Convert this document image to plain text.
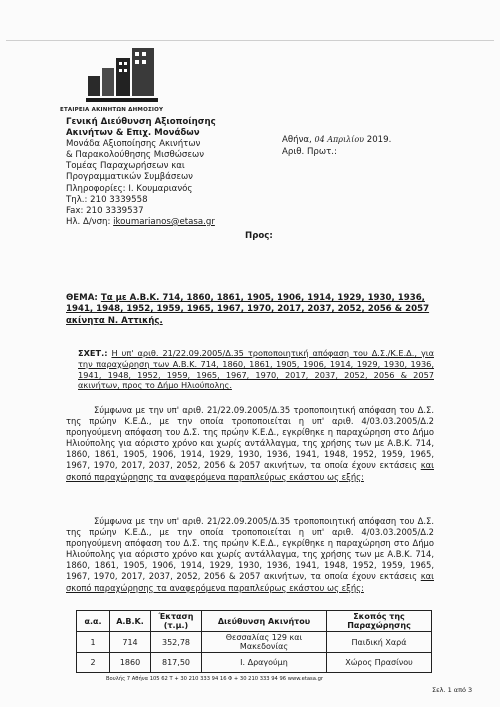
ΕΤΑΙΡΕΙΑ ΑΚΙΝΗΤΩΝ ΔΗΜΟΣΙΟΥ
Γενική Διεύθυνση Αξιοποίησης
Ακινήτων & Επιχ. Μονάδων
Μονάδα Αξιοποίησης Ακινήτων
& Παρακολούθησης Μισθώσεων
Τομέας Παραχωρήσεων και
Προγραμματικών Συμβάσεων
Πληροφορίες: Ι. Κουμαριανός
Τηλ.: 210 3339558
Fax: 210 3339537
Ηλ. Δ/νση: ikoumarianos@etasa.gr
Αθήνα, 04 Απριλίου 2019.
Αριθ. Πρωτ.:
Προς:
ΘΕΜΑ: Τα με Α.Β.Κ. 714, 1860, 1861, 1905, 1906, 1914, 1929, 1930, 1936, 1941, 1948, 1952, 1959, 1965, 1967, 1970, 2017, 2037, 2052, 2056 & 2057 ακίνητα Ν. Αττικής.
ΣΧΕΤ.: Η υπ' αριθ. 21/22.09.2005/Δ.35 τροποποιητική απόφαση του Δ.Σ./Κ.Ε.Δ., για την παραχώρηση των Α.Β.Κ. 714, 1860, 1861, 1905, 1906, 1914, 1929, 1930, 1936, 1941, 1948, 1952, 1959, 1965, 1967, 1970, 2017, 2037, 2052, 2056 & 2057 ακινήτων, προς το Δήμο Ηλιούπολης.
Σύμφωνα με την υπ' αριθ. 21/22.09.2005/Δ.35 τροποποιητική απόφαση του Δ.Σ. της πρώην Κ.Ε.Δ., με την οποία τροποποιείται η υπ' αριθ. 4/03.03.2005/Δ.2 προηγούμενη απόφαση του Δ.Σ. της πρώην Κ.Ε.Δ., εγκρίθηκε η παραχώρηση στο Δήμο Ηλιούπολης για αόριστο χρόνο και χωρίς αντάλλαγμα, της χρήσης των με Α.Β.Κ. 714, 1860, 1861, 1905, 1906, 1914, 1929, 1930, 1936, 1941, 1948, 1952, 1959, 1965, 1967, 1970, 2017, 2037, 2052, 2056 & 2057 ακινήτων, τα οποία έχουν εκτάσεις και σκοπό παραχώρησης τα αναφερόμενα παραπλεύρως εκάστου ως εξής:
Σύμφωνα με την υπ' αριθ. 21/22.09.2005/Δ.35 τροποποιητική απόφαση του Δ.Σ. της πρώην Κ.Ε.Δ., με την οποία τροποποιείται η υπ' αριθ. 4/03.03.2005/Δ.2 προηγούμενη απόφαση του Δ.Σ. της πρώην Κ.Ε.Δ., εγκρίθηκε η παραχώρηση στο Δήμο Ηλιούπολης για αόριστο χρόνο και χωρίς αντάλλαγμα, της χρήσης των με Α.Β.Κ. 714, 1860, 1861, 1905, 1906, 1914, 1929, 1930, 1936, 1941, 1948, 1952, 1959, 1965, 1967, 1970, 2017, 2037, 2052, 2056 & 2057 ακινήτων, τα οποία έχουν εκτάσεις και σκοπό παραχώρησης τα αναφερόμενα παραπλεύρως εκάστου ως εξής:
α.α.	Α.Β.Κ.	Έκταση (τ.μ.)	Διεύθυνση Ακινήτου	Σκοπός της Παραχώρησης
1	714	352,78	Θεσσαλίας 129 και Μακεδονίας	Παιδική Χαρά
2	1860	817,50	Ι. Δραγούμη	Χώρος Πρασίνου
Βουλής 7 Αθήνα 105 62 T + 30 210 333 94 16 Φ + 30 210 333 94 96 www.etasa.gr
Σελ. 1 από 3
